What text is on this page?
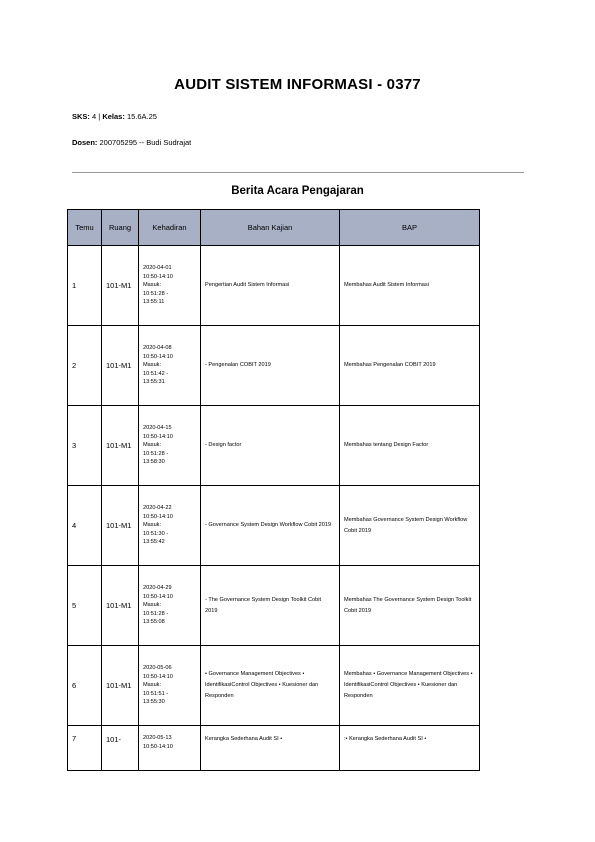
AUDIT SISTEM INFORMASI - 0377
SKS: 4 | Kelas: 15.6A.25
Dosen: 200705295 -- Budi Sudrajat
Berita Acara Pengajaran
Temu	Ruang	Kehadiran	Bahan Kajian	BAP
1	101-M1	2020-04-01
10:50-14:10
Masuk:
10:51:28 -
13:55:11	Pengertian Audit Sistem Informasi	Membahas Audit Sistem Informasi
2	101-M1	2020-04-08
10:50-14:10
Masuk:
10:51:42 -
13:55:31	- Pengenalan COBIT 2019	Membahas Pengenalan COBIT 2019
3	101-M1	2020-04-15
10:50-14:10
Masuk:
10:51:28 -
13:58:30	- Design factor	Membahas tentang Design Factor
4	101-M1	2020-04-22
10:50-14:10
Masuk:
10:51:30 -
13:55:42	- Governance System Design Workflow Cobit 2019	Membahas Governance System Design Workflow Cobit 2019
5	101-M1	2020-04-29
10:50-14:10
Masuk:
10:51:28 -
13:55:08	- The Governance System Design Toolkit Cobit 2019	Membahas The Governance System Design Toolkit Cobit 2019
6	101-M1	2020-05-06
10:50-14:10
Masuk:
10:51:51 -
13:55:30	• Governance Management Objectives • IdentifikasiControl Objectives • Kuesioner dan Responden	Membahas • Governance Management Objectives • IdentifikasiControl Objectives • Kuesioner dan Responden
7	101-	2020-05-13
10:50-14:10	Kerangka Sederhana Audit SI •	:• Kerangka Sederhana Audit SI •
